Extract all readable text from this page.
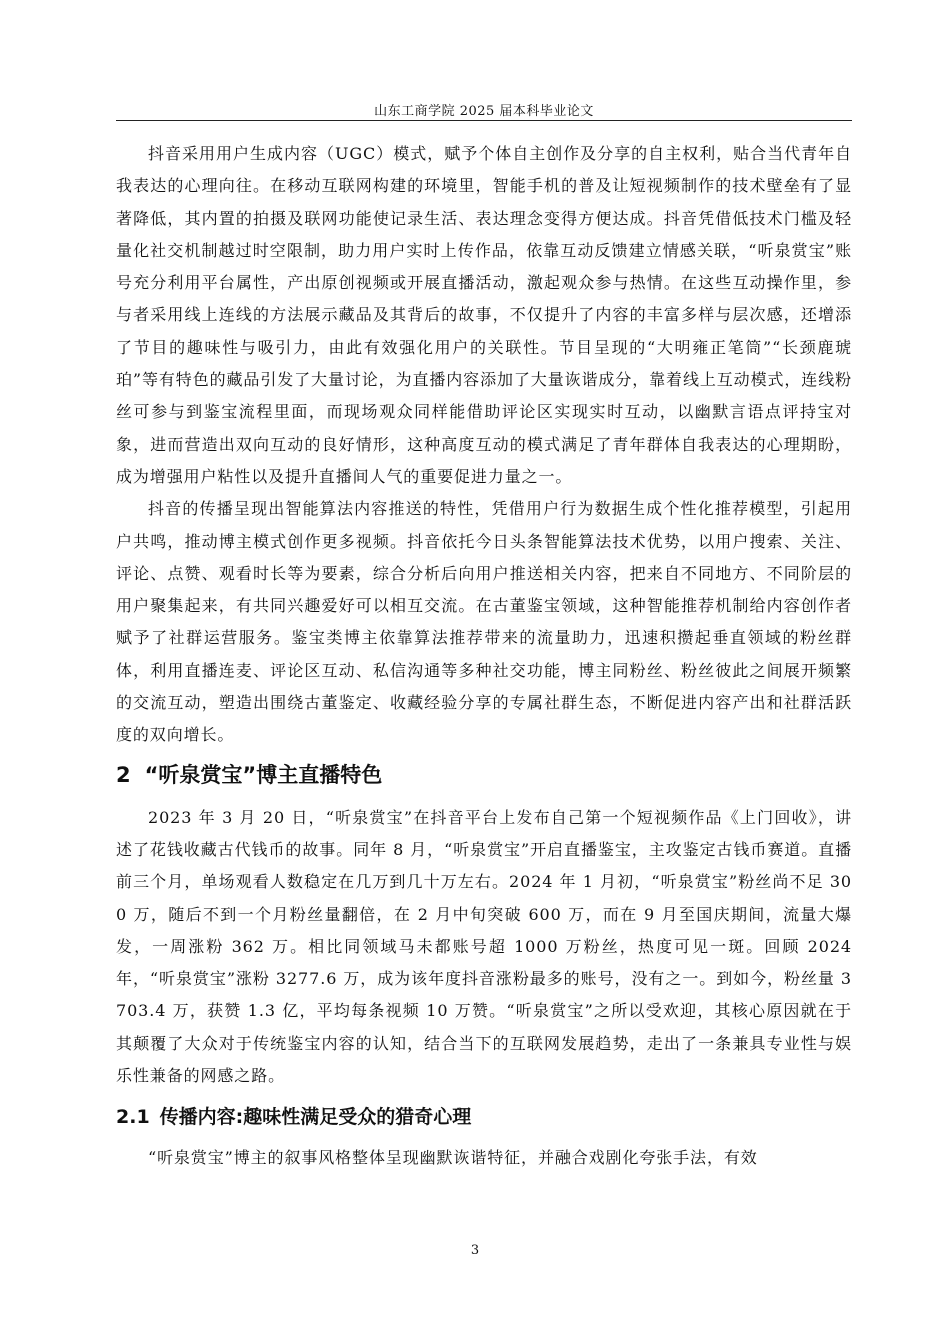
山东工商学院 2025 届本科毕业论文

抖音采用用户生成内容（UGC）模式，赋予个体自主创作及分享的自主权利，贴合当代青年自我表达的心理向往。在移动互联网构建的环境里，智能手机的普及让短视频制作的技术壁垒有了显著降低，其内置的拍摄及联网功能使记录生活、表达理念变得方便达成。抖音凭借低技术门槛及轻量化社交机制越过时空限制，助力用户实时上传作品，依靠互动反馈建立情感关联，“听泉赏宝”账号充分利用平台属性，产出原创视频或开展直播活动，激起观众参与热情。在这些互动操作里，参与者采用线上连线的方法展示藏品及其背后的故事，不仅提升了内容的丰富多样与层次感，还增添了节目的趣味性与吸引力，由此有效强化用户的关联性。节目呈现的“大明雍正笔筒”“长颈鹿琥珀”等有特色的藏品引发了大量讨论，为直播内容添加了大量诙谐成分，靠着线上互动模式，连线粉丝可参与到鉴宝流程里面，而现场观众同样能借助评论区实现实时互动，以幽默言语点评持宝对象，进而营造出双向互动的良好情形，这种高度互动的模式满足了青年群体自我表达的心理期盼，成为增强用户粘性以及提升直播间人气的重要促进力量之一。

抖音的传播呈现出智能算法内容推送的特性，凭借用户行为数据生成个性化推荐模型，引起用户共鸣，推动博主模式创作更多视频。抖音依托今日头条智能算法技术优势，以用户搜索、关注、评论、点赞、观看时长等为要素，综合分析后向用户推送相关内容，把来自不同地方、不同阶层的用户聚集起来，有共同兴趣爱好可以相互交流。在古董鉴宝领域，这种智能推荐机制给内容创作者赋予了社群运营服务。鉴宝类博主依靠算法推荐带来的流量助力，迅速积攒起垂直领域的粉丝群体，利用直播连麦、评论区互动、私信沟通等多种社交功能，博主同粉丝、粉丝彼此之间展开频繁的交流互动，塑造出围绕古董鉴定、收藏经验分享的专属社群生态，不断促进内容产出和社群活跃度的双向增长。

2 “听泉赏宝”博主直播特色

2023 年 3 月 20 日，“听泉赏宝”在抖音平台上发布自己第一个短视频作品《上门回收》，讲述了花钱收藏古代钱币的故事。同年 8 月，“听泉赏宝”开启直播鉴宝，主攻鉴定古钱币赛道。直播前三个月，单场观看人数稳定在几万到几十万左右。2024 年 1 月初，“听泉赏宝”粉丝尚不足 300 万，随后不到一个月粉丝量翻倍，在 2 月中旬突破 600 万，而在 9 月至国庆期间，流量大爆发，一周涨粉 362 万。相比同领域马未都账号超 1000 万粉丝，热度可见一斑。回顾 2024 年，“听泉赏宝”涨粉 3277.6 万，成为该年度抖音涨粉最多的账号，没有之一。到如今，粉丝量 3703.4 万，获赞 1.3 亿，平均每条视频 10 万赞。“听泉赏宝”之所以受欢迎，其核心原因就在于其颠覆了大众对于传统鉴宝内容的认知，结合当下的互联网发展趋势，走出了一条兼具专业性与娱乐性兼备的网感之路。

2.1 传播内容:趣味性满足受众的猎奇心理

“听泉赏宝”博主的叙事风格整体呈现幽默诙谐特征，并融合戏剧化夸张手法，有效

3
